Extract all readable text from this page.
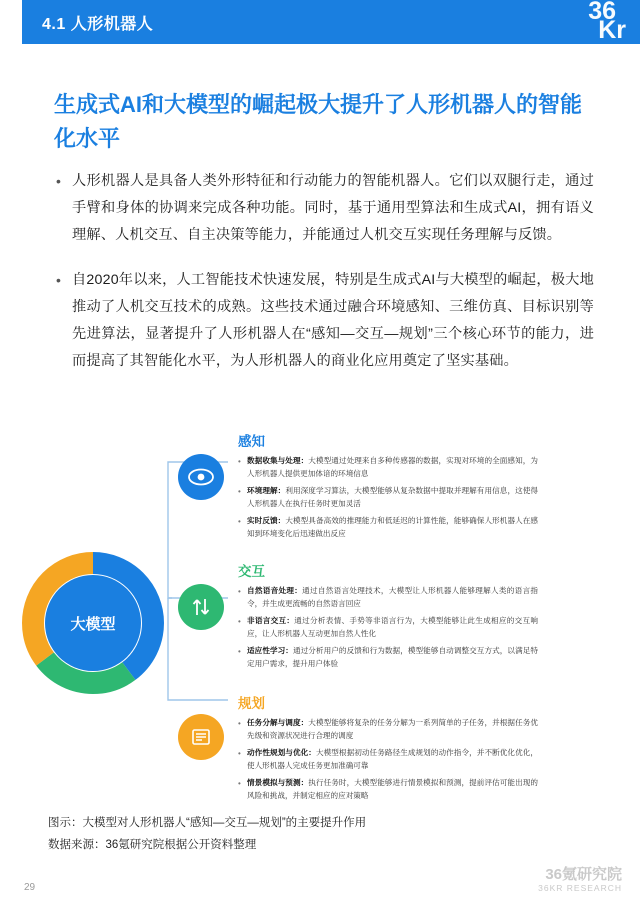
4.1 人形机器人	36
Kr
生成式AI和大模型的崛起极大提升了人形机器人的智能化水平
• 人形机器人是具备人类外形特征和行动能力的智能机器人。它们以双腿行走，通过手臂和身体的协调来完成各种功能。同时，基于通用型算法和生成式AI，拥有语义理解、人机交互、自主决策等能力，并能通过人机交互实现任务理解与反馈。
• 自2020年以来，人工智能技术快速发展，特别是生成式AI与大模型的崛起，极大地推动了人机交互技术的成熟。这些技术通过融合环境感知、三维仿真、目标识别等先进算法，显著提升了人形机器人在“感知—交互—规划”三个核心环节的能力，进而提高了其智能化水平，为人形机器人的商业化应用奠定了坚实基础。
大模型
感知
• 数据收集与处理：大模型通过处理来自多种传感器的数据，实现对环境的全面感知，为人形机器人提供更加体谙的环境信息
• 环境理解：利用深度学习算法，大模型能够从复杂数据中提取并理解有用信息，这使得人形机器人在执行任务时更加灵活
• 实时反馈：大模型具备高效的推理能力和低延迟的计算性能，能够确保人形机器人在感知到环境变化后迅速做出反应
交互
• 自然语音处理：通过自然语言处理技术，大模型让人形机器人能够理解人类的语言指令，并生成更流畅的自然语言回应
• 非语言交互：通过分析表情、手势等非语言行为，大模型能够让此生成相应的交互响应，让人形机器人互动更加自然人性化
• 适应性学习：通过分析用户的反馈和行为数据，模型能够自动调整交互方式，以满足特定用户需求，提升用户体验
规划
• 任务分解与调度：大模型能够将复杂的任务分解为一系列简单的子任务，并根据任务优先级和资源状况进行合理的调度
• 动作性规划与优化：大模型根据初动任务路径生成规划的动作指令，并不断优化优化，使人形机器人完成任务更加准确可靠
• 情景模拟与预测：执行任务时，大模型能够进行情景模拟和预测，提前评估可能出现的风险和挑战，并制定相应的应对策略
图示：大模型对人形机器人“感知—交互—规划”的主要提升作用
数据来源：36氪研究院根据公开资料整理
29
36氪研究院
36KR RESEARCH
